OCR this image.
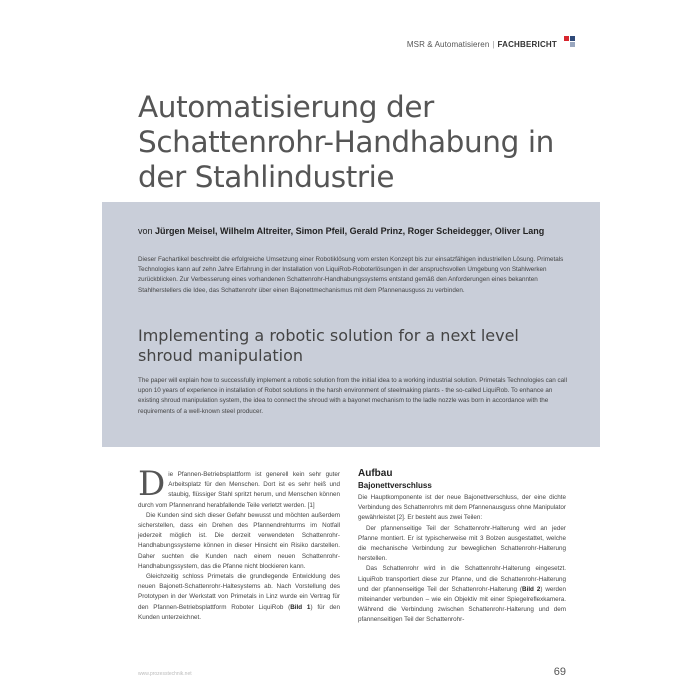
MSR & Automatisieren | FACHBERICHT
Automatisierung der Schattenrohr-Handhabung in der Stahlindustrie
von Jürgen Meisel, Wilhelm Altreiter, Simon Pfeil, Gerald Prinz, Roger Scheidegger, Oliver Lang
Dieser Fachartikel beschreibt die erfolgreiche Umsetzung einer Robotiklösung vom ersten Konzept bis zur einsatzfähigen industriellen Lösung. Primetals Technologies kann auf zehn Jahre Erfahrung in der Installation von LiquiRob-Roboterlösungen in der anspruchsvollen Umgebung von Stahlwerken zurückblicken. Zur Verbesserung eines vorhandenen Schattenrohr-Handhabungssystems entstand gemäß den Anforderungen eines bekannten Stahlherstellers die Idee, das Schattenrohr über einen Bajonettmechanismus mit dem Pfannenausguss zu verbinden.
Implementing a robotic solution for a next level shroud manipulation
The paper will explain how to successfully implement a robotic solution from the initial idea to a working industrial solution. Primetals Technologies can call upon 10 years of experience in installation of Robot solutions in the harsh environment of steelmaking plants - the so-called LiquiRob. To enhance an existing shroud manipulation system, the idea to connect the shroud with a bayonet mechanism to the ladle nozzle was born in accordance with the requirements of a well-known steel producer.

Die Pfannen-Betriebsplattform ist generell kein sehr guter Arbeitsplatz für den Menschen. Dort ist es sehr heiß und staubig, flüssiger Stahl spritzt herum, und Menschen können durch vom Pfannenrand herabfallende Teile verletzt werden. [1]

Die Kunden sind sich dieser Gefahr bewusst und möchten außerdem sicherstellen, dass ein Drehen des Pfannendrehturms im Notfall jederzeit möglich ist. Die derzeit verwendeten Schattenrohr-Handhabungssysteme können in dieser Hinsicht ein Risiko darstellen. Daher suchten die Kunden nach einem neuen Schattenrohr-Handhabungssystem, das die Pfanne nicht blockieren kann.

Gleichzeitig schloss Primetals die grundlegende Entwicklung des neuen Bajonett-Schattenrohr-Haltesystems ab. Nach Vorstellung des Prototypen in der Werkstatt von Primetals in Linz wurde ein Vertrag für den Pfannen-Betriebsplattform Roboter LiquiRob (Bild 1) für den Kunden unterzeichnet.

Aufbau
Bajonettverschluss

Die Hauptkomponente ist der neue Bajonettverschluss, der eine dichte Verbindung des Schattenrohrs mit dem Pfannenausguss ohne Manipulator gewährleistet [2]. Er besteht aus zwei Teilen:

Der pfannenseitige Teil der Schattenrohr-Halterung wird an jeder Pfanne montiert. Er ist typischerweise mit 3 Bolzen ausgestattet, welche die mechanische Verbindung zur beweglichen Schattenrohr-Halterung herstellen.

Das Schattenrohr wird in die Schattenrohr-Halterung eingesetzt. LiquiRob transportiert diese zur Pfanne, und die Schattenrohr-Halterung und der pfannenseitige Teil der Schattenrohr-Halterung (Bild 2) werden miteinander verbunden – wie ein Objektiv mit einer Spiegelreflexkamera. Während die Verbindung zwischen Schattenrohr-Halterung und dem pfannenseitigen Teil der Schattenrohr-

www.prozesstechnik.net	69
